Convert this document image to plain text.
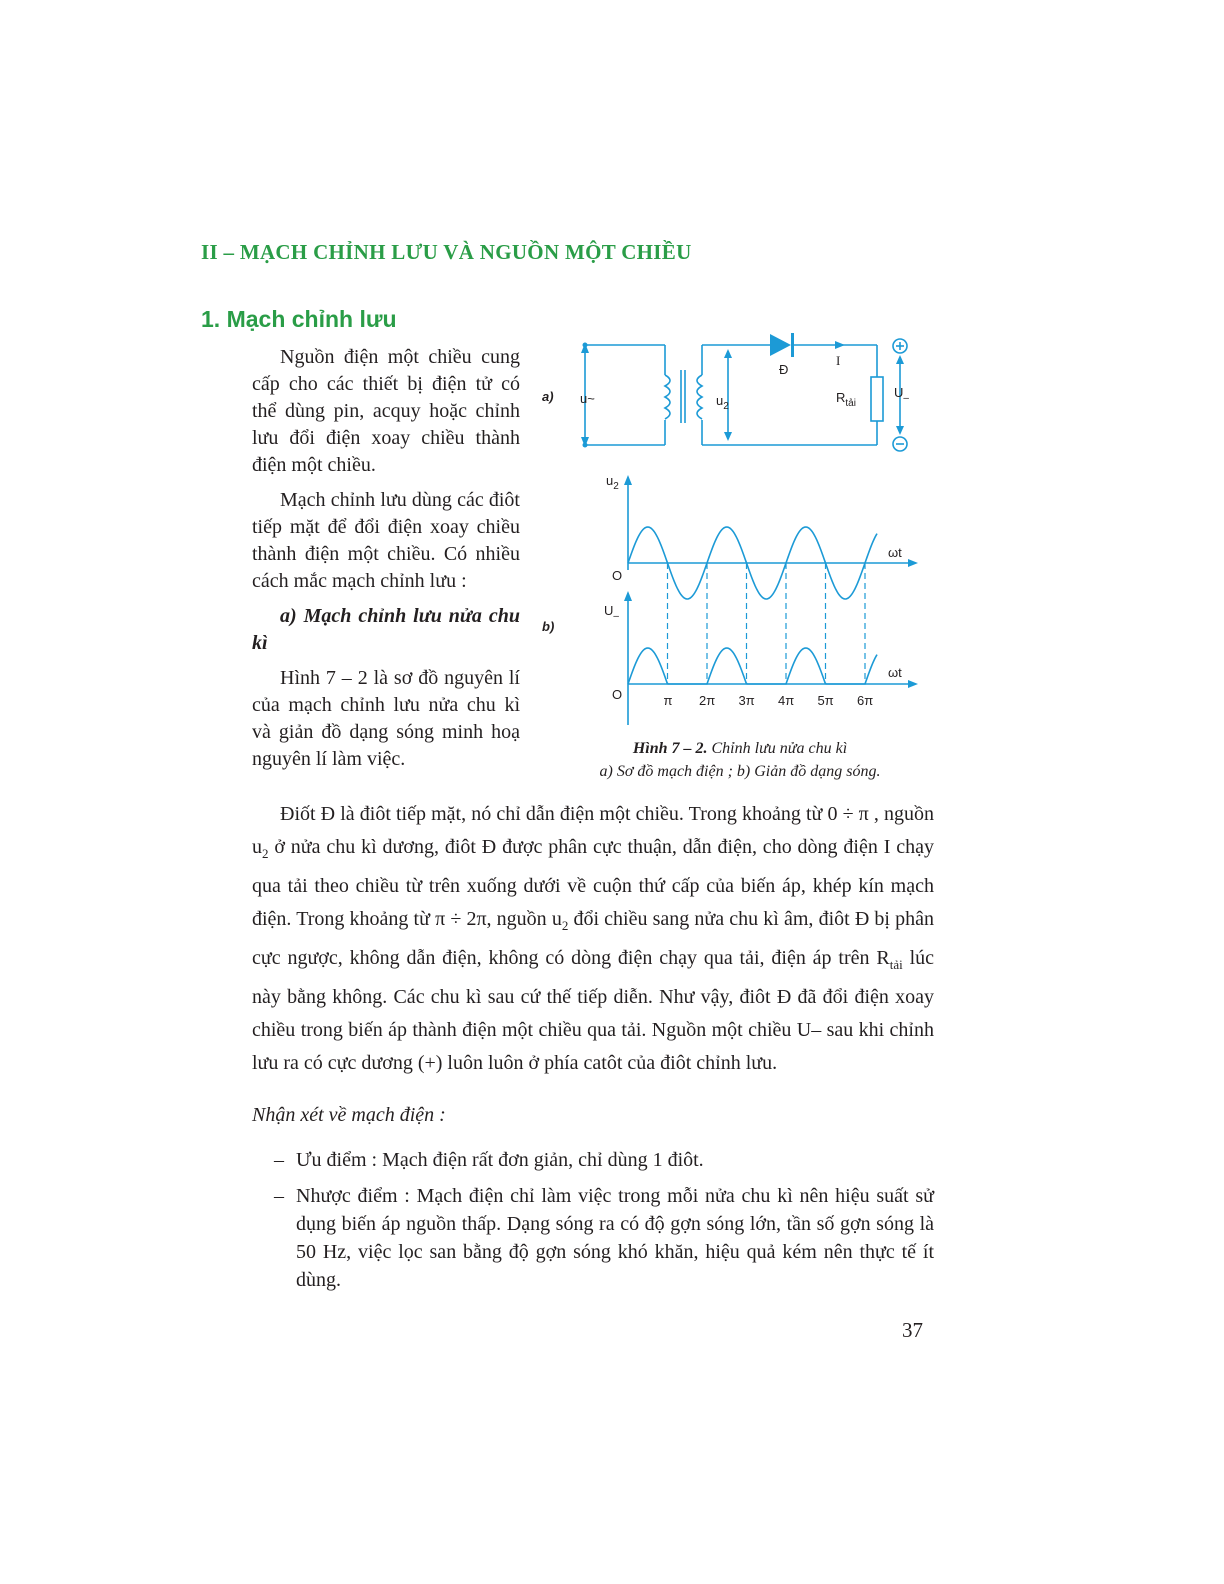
II – MẠCH CHỈNH LƯU VÀ NGUỒN MỘT CHIỀU
1. Mạch chỉnh lưu

Nguồn điện một chiều cung cấp cho các thiết bị điện tử có thể dùng pin, acquy hoặc chỉnh lưu đổi điện xoay chiều thành điện một chiều.

Mạch chỉnh lưu dùng các điôt tiếp mặt để đổi điện xoay chiều thành điện một chiều. Có nhiều cách mắc mạch chỉnh lưu :

a) Mạch chỉnh lưu nửa chu kì

Hình 7 – 2 là sơ đồ nguyên lí của mạch chỉnh lưu nửa chu kì và giản đồ dạng sóng minh hoạ nguyên lí làm việc.

a) u~	$u_2$
Đ
I
$R_{tải}$
$U_-$
b)
$u_2$
ωt
O
$U_-$
ωt
O	π 2π 3π 4π 5π 6π
Hình 7 – 2. Chỉnh lưu nửa chu kì
a) Sơ đồ mạch điện ; b) Giản đồ dạng sóng.

Điốt Đ là điôt tiếp mặt, nó chỉ dẫn điện một chiều. Trong khoảng từ 0 ÷ π , nguồn $u_2$ ở nửa chu kì dương, điôt Đ được phân cực thuận, dẫn điện, cho dòng điện I chạy qua tải theo chiều từ trên xuống dưới về cuộn thứ cấp của biến áp, khép kín mạch điện. Trong khoảng từ π ÷ 2π, nguồn $u_2$ đổi chiều sang nửa chu kì âm, điôt Đ bị phân cực ngược, không dẫn điện, không có dòng điện chạy qua tải, điện áp trên $R_{tải}$ lúc này bằng không. Các chu kì sau cứ thế tiếp diễn. Như vậy, điôt Đ đã đổi điện xoay chiều trong biến áp thành điện một chiều qua tải. Nguồn một chiều U– sau khi chỉnh lưu ra có cực dương (+) luôn luôn ở phía catôt của điôt chỉnh lưu.

Nhận xét về mạch điện :
– Ưu điểm : Mạch điện rất đơn giản, chỉ dùng 1 điôt.
– Nhược điểm : Mạch điện chỉ làm việc trong mỗi nửa chu kì nên hiệu suất sử dụng biến áp nguồn thấp. Dạng sóng ra có độ gợn sóng lớn, tần số gợn sóng là 50 Hz, việc lọc san bằng độ gợn sóng khó khăn, hiệu quả kém nên thực tế ít dùng.
37
